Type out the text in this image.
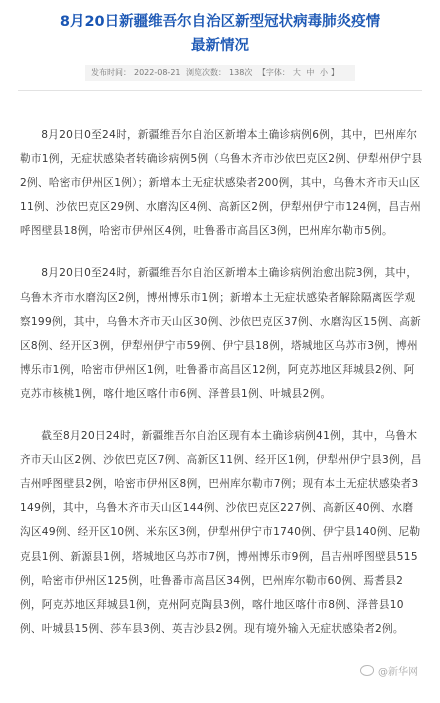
8月20日新疆维吾尔自治区新型冠状病毒肺炎疫情
最新情况
发布时间： 2022-08-21 浏览次数： 138次 【字体： 大 中 小 】

8月20日0至24时，新疆维吾尔自治区新增本土确诊病例6例，其中，巴州库尔勒市1例，无症状感染者转确诊病例5例（乌鲁木齐市沙依巴克区2例、伊犁州伊宁县2例、哈密市伊州区1例）；新增本土无症状感染者200例，其中，乌鲁木齐市天山区11例、沙依巴克区29例、水磨沟区4例、高新区2例，伊犁州伊宁市124例，昌吉州呼图壁县18例，哈密市伊州区4例，吐鲁番市高昌区3例，巴州库尔勒市5例。

8月20日0至24时，新疆维吾尔自治区新增本土确诊病例治愈出院3例，其中，乌鲁木齐市水磨沟区2例，博州博乐市1例；新增本土无症状感染者解除隔离医学观察199例，其中，乌鲁木齐市天山区30例、沙依巴克区37例、水磨沟区15例、高新区8例、经开区3例，伊犁州伊宁市59例、伊宁县18例，塔城地区乌苏市3例，博州博乐市1例，哈密市伊州区1例，吐鲁番市高昌区12例，阿克苏地区拜城县2例、阿克苏市核桃1例，喀什地区喀什市6例、泽普县1例、叶城县2例。

截至8月20日24时，新疆维吾尔自治区现有本土确诊病例41例，其中，乌鲁木齐市天山区2例、沙依巴克区7例、高新区11例、经开区1例，伊犁州伊宁县3例，昌吉州呼图壁县2例，哈密市伊州区8例，巴州库尔勒市7例；现有本土无症状感染者3149例，其中，乌鲁木齐市天山区144例、沙依巴克区227例、高新区40例、水磨沟区49例、经开区10例、米东区3例，伊犁州伊宁市1740例、伊宁县140例、尼勒克县1例、新源县1例，塔城地区乌苏市7例，博州博乐市9例，昌吉州呼图壁县515例，哈密市伊州区125例，吐鲁番市高昌区34例，巴州库尔勒市60例、焉耆县2例，阿克苏地区拜城县1例，克州阿克陶县3例，喀什地区喀什市8例、泽普县10例、叶城县15例、莎车县3例、英吉沙县2例。现有境外输入无症状感染者2例。

@新华网
